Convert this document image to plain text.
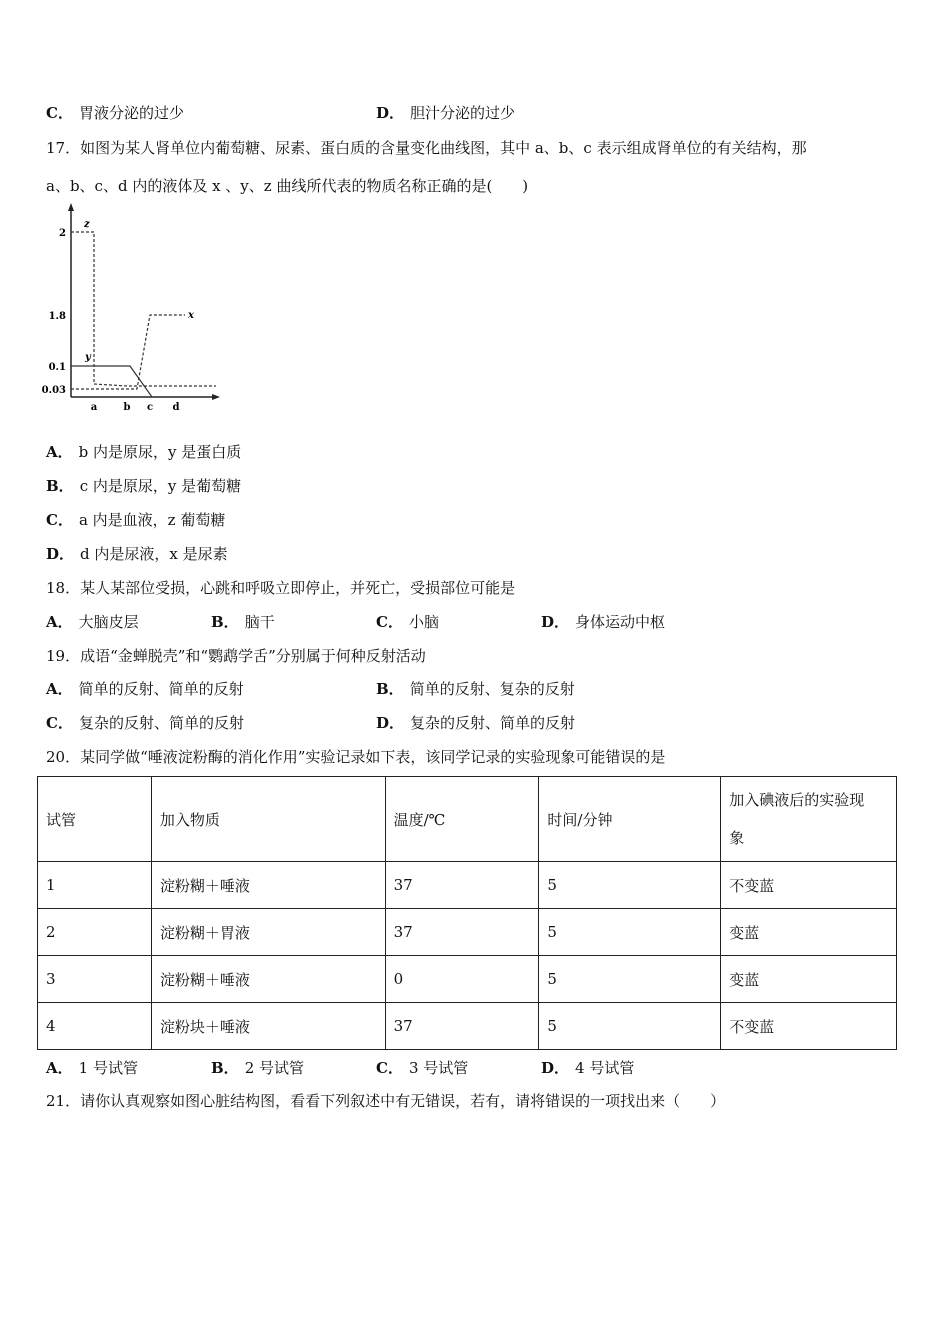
C． 胃液分泌的过少	D． 胆汁分泌的过少
17．如图为某人肾单位内葡萄糖、尿素、蛋白质的含量变化曲线图，其中 a、b、c 表示组成肾单位的有关结构，那
a、b、c、d 内的液体及 x 、y、z 曲线所代表的物质名称正确的是(　　)
2
1.8
0.1
0.03
a	b c d
x
y
z
A． b 内是原尿，y 是蛋白质
B． c 内是原尿，y 是葡萄糖
C． a 内是血液，z 葡萄糖
D． d 内是尿液，x 是尿素
18．某人某部位受损，心跳和呼吸立即停止，并死亡，受损部位可能是
A． 大脑皮层	B． 脑干	C． 小脑	D． 身体运动中枢
19．成语“金蝉脱壳”和“鹦鹉学舌”分别属于何种反射活动
A． 简单的反射、简单的反射	B． 简单的反射、复杂的反射
C． 复杂的反射、简单的反射	D． 复杂的反射、简单的反射
20．某同学做“唾液淀粉酶的消化作用”实验记录如下表，该同学记录的实验现象可能错误的是
试管	加入物质	温度/℃	时间/分钟	加入碘液后的实验现
象
1	淀粉糊＋唾液	37	5	不变蓝
2	淀粉糊＋胃液	37	5	变蓝
3	淀粉糊＋唾液	0	5	变蓝
4	淀粉块＋唾液	37	5	不变蓝
A． 1 号试管	B． 2 号试管	C． 3 号试管	D． 4 号试管
21．请你认真观察如图心脏结构图，看看下列叙述中有无错误，若有，请将错误的一项找出来（　　）
